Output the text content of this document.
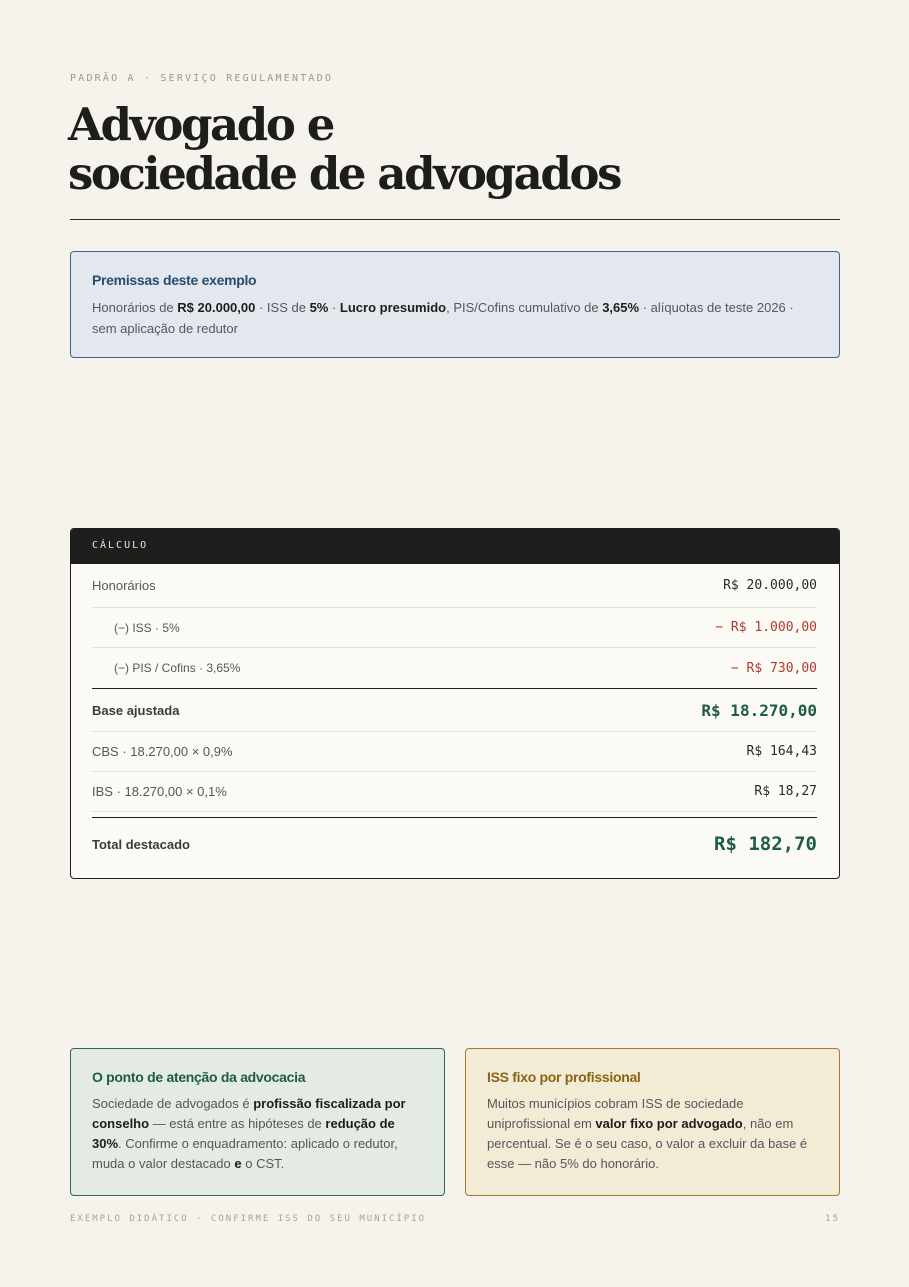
PADRÃO A · SERVIÇO REGULAMENTADO
Advogado e
sociedade de advogados
Premissas deste exemplo

Honorários de R$ 20.000,00 · ISS de 5% · Lucro presumido, PIS/Cofins cumulativo de 3,65% · alíquotas de teste 2026 · sem aplicação de redutor

CÁLCULO
Honorários	R$ 20.000,00
(−) ISS · 5%	− R$ 1.000,00
(−) PIS / Cofins · 3,65%	− R$ 730,00
Base ajustada	R$ 18.270,00
CBS · 18.270,00 × 0,9%	R$ 164,43
IBS · 18.270,00 × 0,1%	R$ 18,27
Total destacado	R$ 182,70
O ponto de atenção da advocacia

Sociedade de advogados é profissão fiscalizada por conselho — está entre as hipóteses de redução de 30%. Confirme o enquadramento: aplicado o redutor, muda o valor destacado e o CST.

ISS fixo por profissional

Muitos municípios cobram ISS de sociedade uniprofissional em valor fixo por advogado, não em percentual. Se é o seu caso, o valor a excluir da base é esse — não 5% do honorário.

EXEMPLO DIDÁTICO · CONFIRME ISS DO SEU MUNICÍPIO	15
